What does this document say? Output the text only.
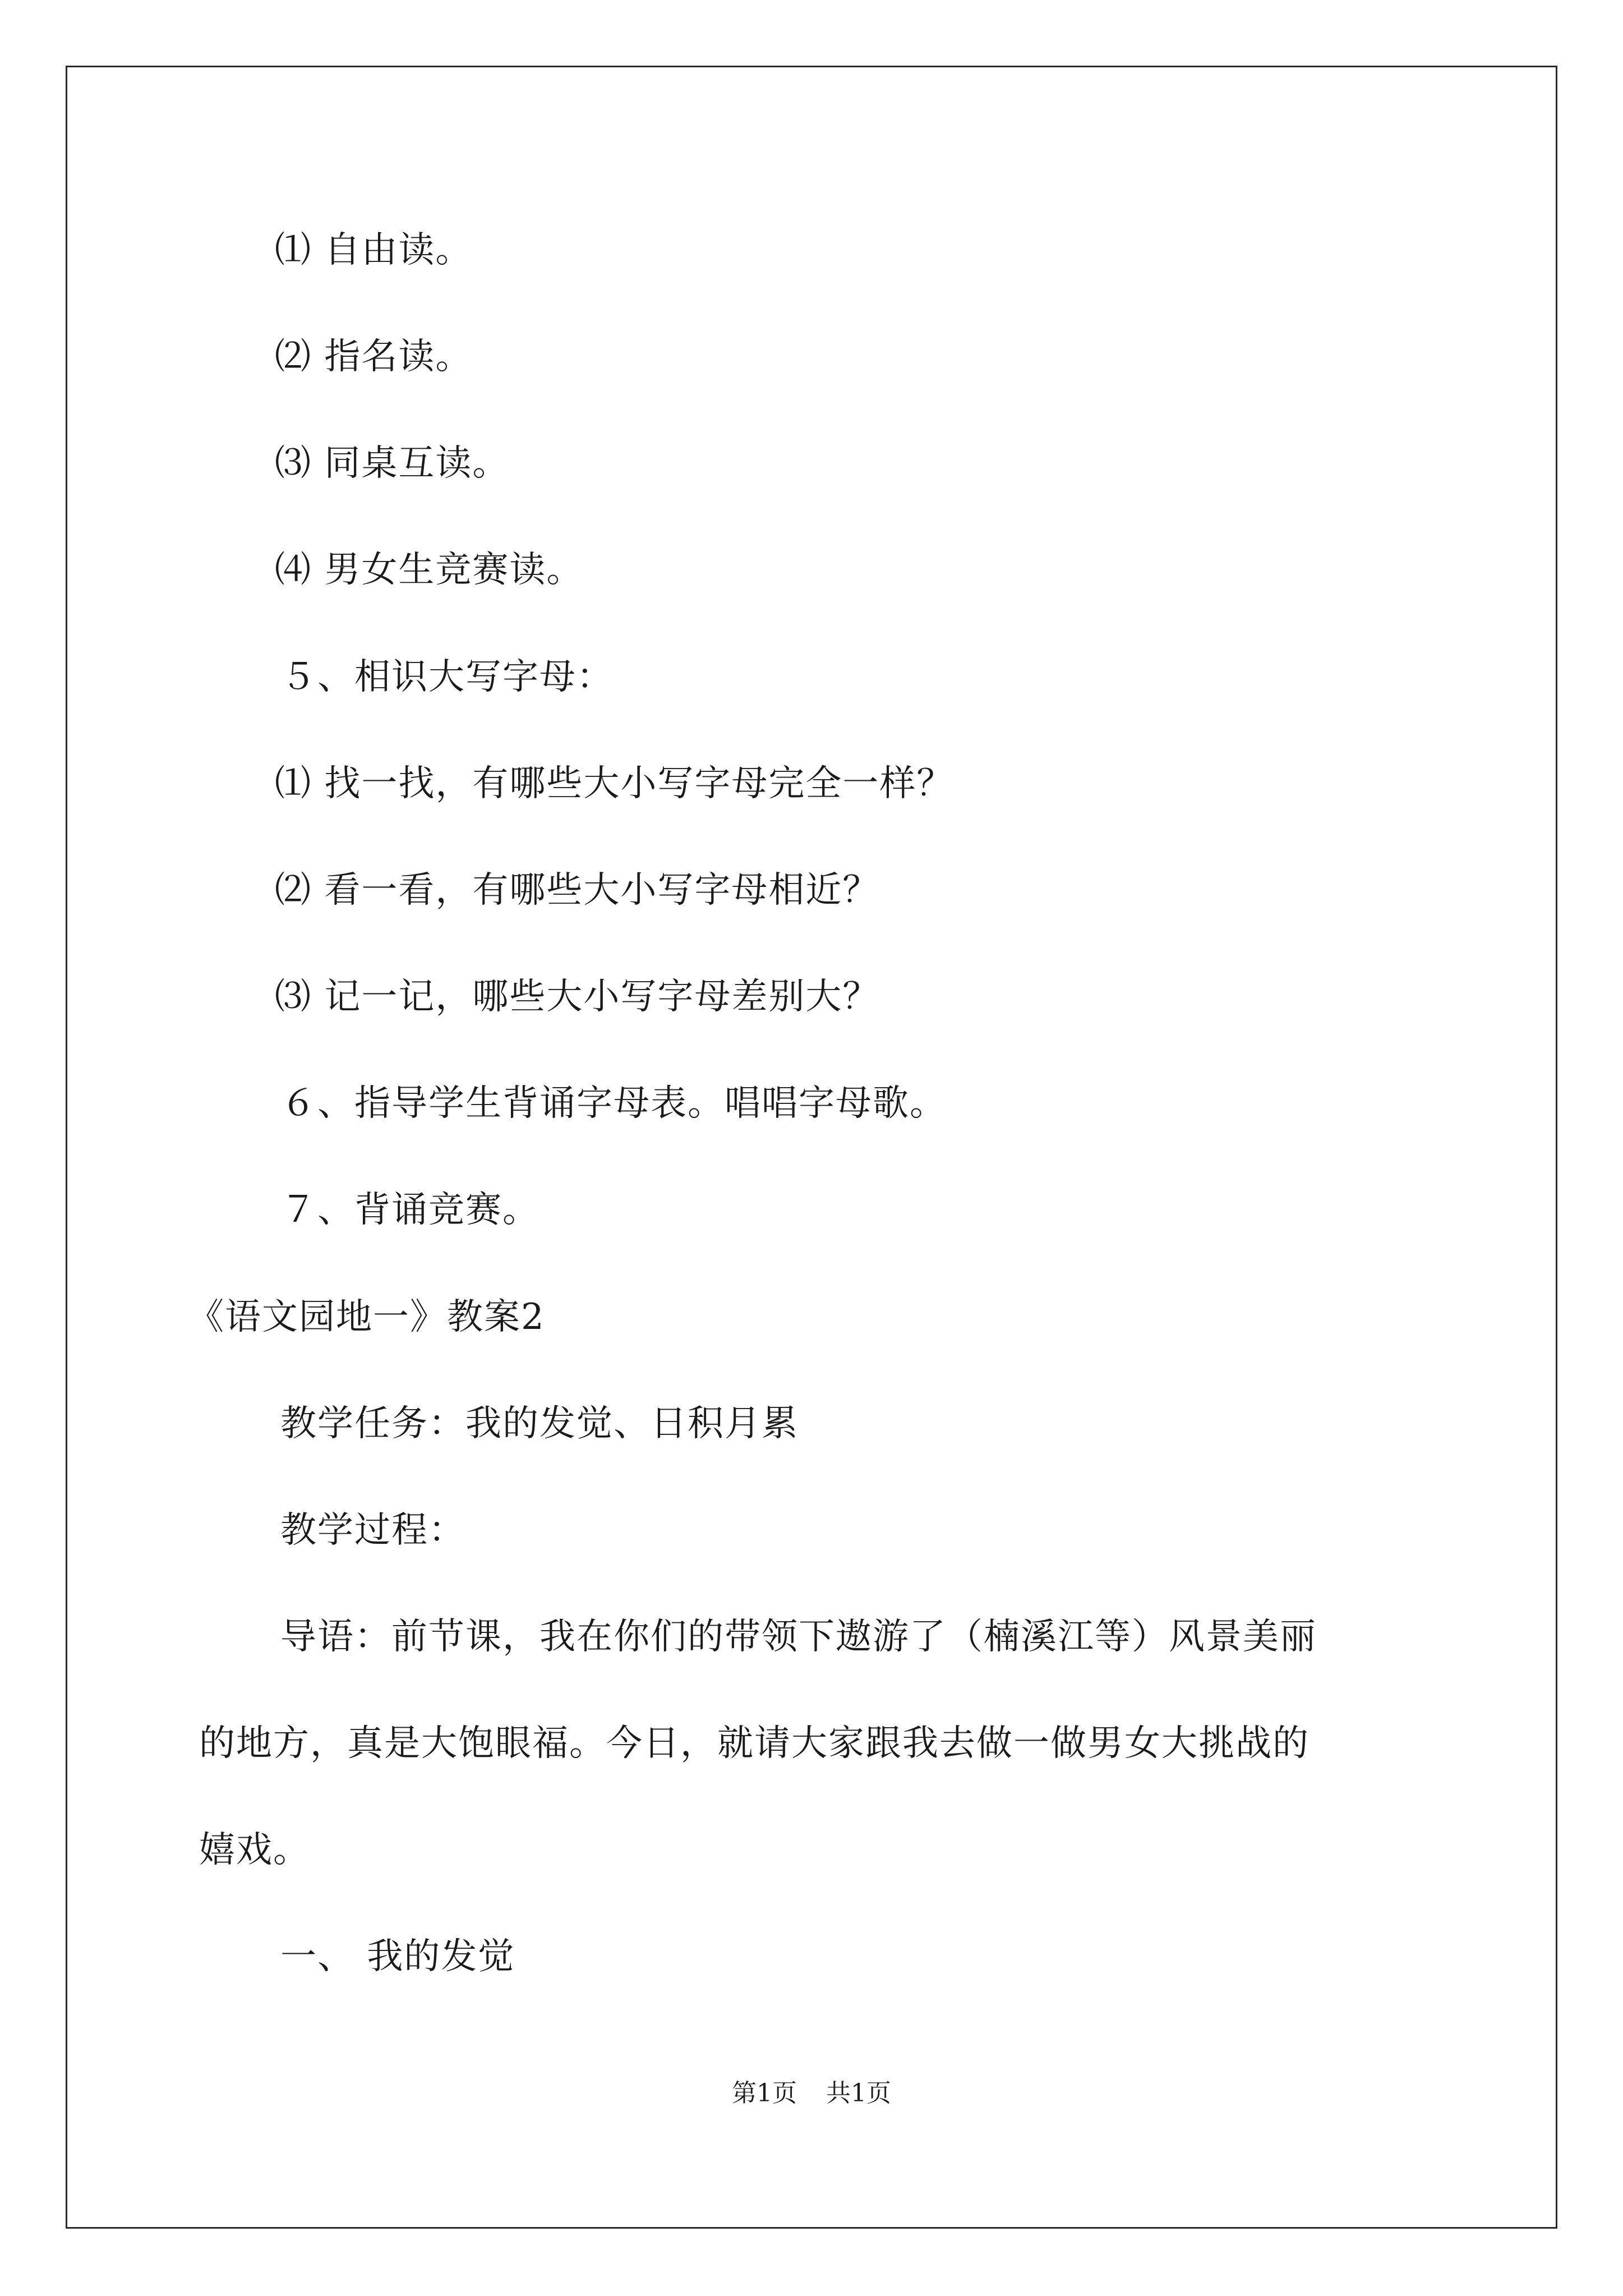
⑴ 自由读。
⑵ 指名读。
⑶ 同桌互读。
⑷ 男女生竞赛读。
５、相识大写字母：
⑴ 找一找，有哪些大小写字母完全一样？
⑵ 看一看，有哪些大小写字母相近？
⑶ 记一记，哪些大小写字母差别大？
６、指导学生背诵字母表。唱唱字母歌。
７、背诵竞赛。
《语文园地一》教案2
教学任务：我的发觉、日积月累
教学过程：
导语：前节课，我在你们的带领下遨游了（楠溪江等）风景美丽
的地方，真是大饱眼福。今日，就请大家跟我去做一做男女大挑战的
嬉戏。
一、 我的发觉
第1页 共1页
